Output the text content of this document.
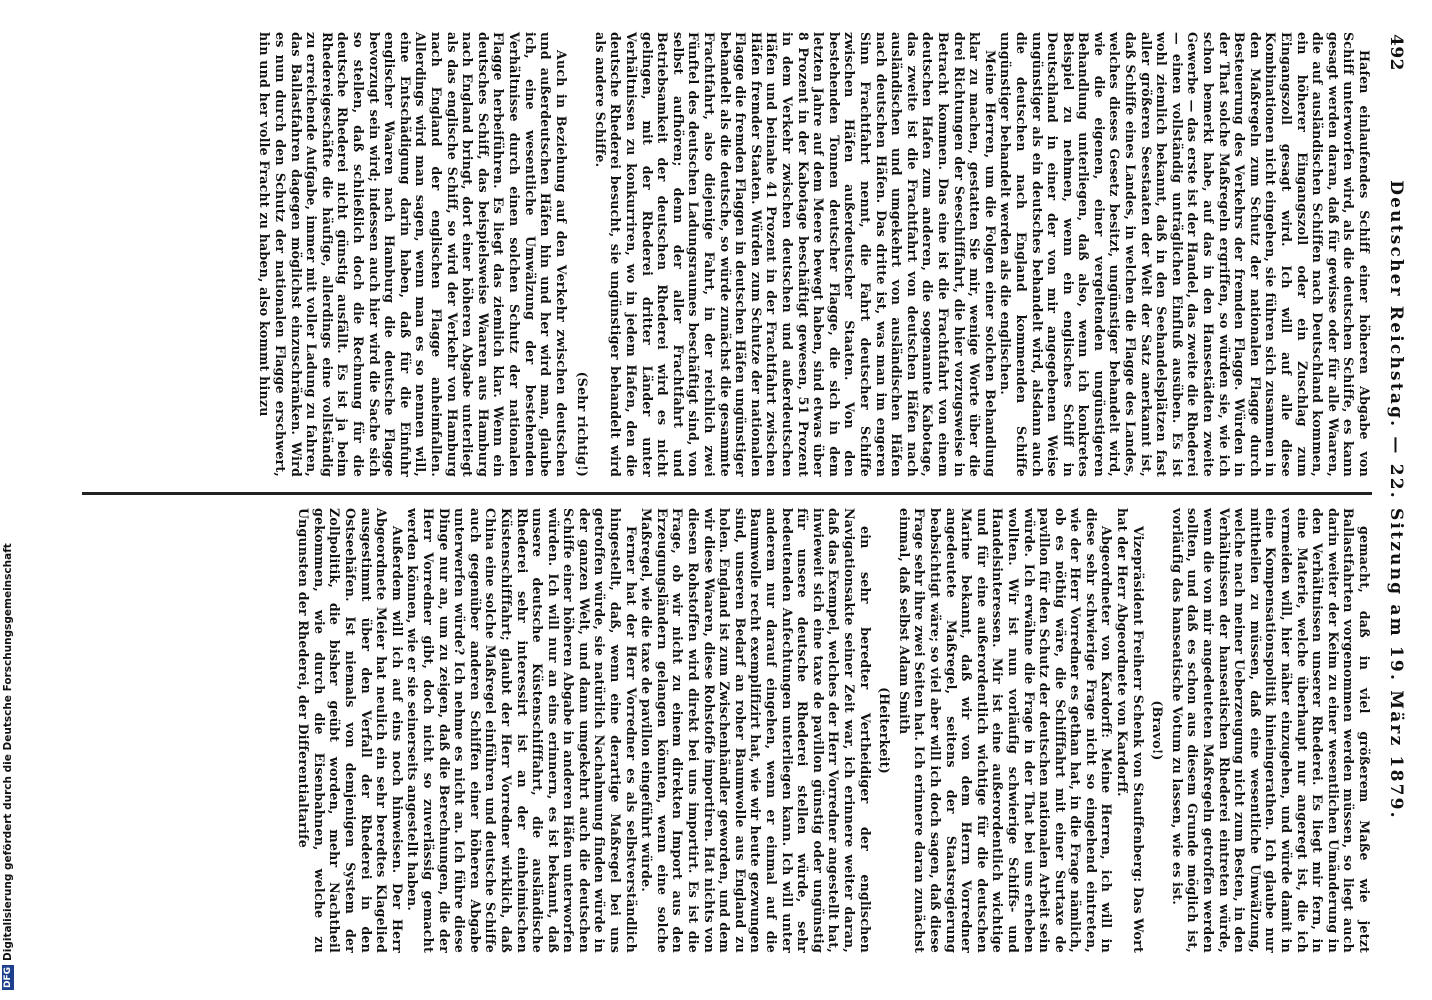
492
Deutscher Reichstag. — 22. Sitzung am 19. März 1879.

Hafen einlaufendes Schiff einer höheren Abgabe von Schiff unterworfen wird, als die deutschen Schiffe, es kann gesagt werden daran, daß für gewisse oder für alle Waaren, die auf ausländischen Schiffen nach Deutschland kommen, ein höherer Eingangszoll oder ein Zuschlag zum Eingangszoll gesagt wird. Ich will auf alle diese Kombinationen nicht eingehen, sie führen sich zusammen in den Maßregeln zum Schutz der nationalen Flagge durch Besteuerung des Verkehrs der fremden Flagge. Würden in der That solche Maßregeln ergriffen, so würden sie, wie ich schon bemerkt habe, auf das in den Hansestädten zweite Gewerbe — das erste ist der Handel, das zweite die Rhederei — einen vollständig unträglichen Einfluß ausüben. Es ist wohl ziemlich bekannt, daß in den Seehandelsplätzen fast aller größeren Seestaaten der Welt der Satz anerkannt ist, daß Schiffe eines Landes, in welchen die Flagge des Landes, welches dieses Gesetz besitzt, ungünstiger behandelt wird, wie die eigenen, einer vergeltenden ungünstigeren Behandlung unterliegen, daß also, wenn ich konkretes Beispiel zu nehmen, wenn ein englisches Schiff in Deutschland in einer der von mir angegebenen Weise ungünstiger als ein deutsches behandelt wird, alsdann auch die deutschen nach England kommenden Schiffe ungünstiger behandelt werden als die englischen.

Meine Herren, um die Folgen einer solchen Behandlung klar zu machen, gestatten Sie mir, wenige Worte über die drei Richtungen der Seeschifffahrt, die hier vorzugsweise in Betracht kommen. Das eine ist die Frachtfahrt von einem deutschen Hafen zum anderen, die sogenannte Kabotage, das zweite ist die Frachtfahrt von deutschen Häfen nach ausländischen und umgekehrt von ausländischen Häfen nach deutschen Häfen. Das dritte ist, was man im engeren Sinn Frachtfahrt nennt, die Fahrt deutscher Schiffe zwischen Häfen außerdeutscher Staaten. Von den bestehenden Tonnen deutscher Flagge, die sich in dem letzten Jahre auf dem Meere bewegt haben, sind etwas über 8 Prozent in der Kabotage beschäftigt gewesen, 51 Prozent in dem Verkehr zwischen deutschen und außerdeutschen Häfen und beinahe 41 Prozent in der Frachtfahrt zwischen Häfen fremder Staaten. Würden zum Schutze der nationalen Flagge die fremden Flaggen in deutschen Häfen ungünstiger behandelt als die deutsche, so würde zunächst die gesammte Frachtfahrt, also diejenige Fahrt, in der reichlich zwei Fünftel des deutschen Ladungsraumes beschäftigt sind, von selbst aufhören; denn der aller Frachtfahrt und Betriebsamkeit der deutschen Rhederei wird es nicht gelingen, mit der Rhederei dritter Länder unter Verhältnissen zu konkurriren, wo in jedem Hafen, den die deutsche Rhederei besucht, sie ungünstiger behandelt wird als andere Schiffe.

(Sehr richtig!)

Auch in Beziehung auf den Verkehr zwischen deutschen und außerdeutschen Häfen hin und her wird man, glaube ich, eine wesentliche Umwälzung der bestehenden Verhältnisse durch einen solchen Schutz der nationalen Flagge herbeiführen. Es liegt das ziemlich klar. Wenn ein deutsches Schiff, das beispielsweise Waaren aus Hamburg nach England bringt, dort einer höheren Abgabe unterliegt als das englische Schiff, so wird der Verkehr von Hamburg nach England der englischen Flagge anheimfallen. Allerdings wird man sagen, wenn man es so nennen will, eine Entschädigung darin haben, daß für die Einfuhr englischer Waaren nach Hamburg die deutsche Flagge bevorzugt sein wird; indessen auch hier wird die Sache sich so stellen, daß schließlich doch die Rechnung für die deutsche Rhederei nicht günstig ausfällt. Es ist ja beim Rhedereigeschäfte die häufige, allerdings eine vollständig zu erreichende Aufgabe, immer mit voller Ladung zu fahren, das Ballastfahren dagegen möglichst einzuschränken. Wird es nun durch den Schutz der nationalen Flagge erschwert, hin und her volle Fracht zu haben, also kommt hinzu

gemacht, daß in viel größerem Maße wie jetzt Ballastfahrten vorgenommen werden müssen, so liegt auch darin weiter der Keim zu einer wesentlichen Umänderung in den Verhältnissen unserer Rhederei. Es liegt mir fern, in eine Materie, welche überhaupt nur angeregt ist, die ich vermeiden will, hier näher einzugehen, und würde damit in eine Kompensationspolitik hineingerathen. Ich glaube nur mittheilen zu müssen, daß eine wesentliche Umwälzung, welche nach meiner Ueberzeugung nicht zum Besten, in den Verhältnissen der hanseatischen Rhederei eintreten würde, wenn die von mir angedeuteten Maßregeln getroffen werden sollten, und daß es schon aus diesem Grunde möglich ist, vorläufig das hanseatische Votum zu lassen, wie es ist.

(Bravo!)

Vizepräsident Freiherr Schenk von Stauffenberg: Das Wort hat der Herr Abgeordnete von Kardorff.

Abgeordneter von Kardorff: Meine Herren, ich will in diese sehr schwierige Frage nicht so eingehend eintreten, wie der Herr Vorredner es gethan hat, in die Frage nämlich, ob es nöthig wäre, die Schifffahrt mit einer Surtaxe de pavillon für den Schutz der deutschen nationalen Arbeit sein würde. Ich erwähne die Frage in der That bei uns erheben wollten. Wir ist nun vorläufig schwierige Schiffs- und Handelsinteressen. Mir ist eine außerordentlich wichtige und für eine außerordentlich wichtige für die deutschen Marine bekannt, daß wir von dem Herrn Vorredner angedeutete Maßregel, seitens der Staatsregierung beabsichtigt wäre; so viel aber will ich doch sagen, daß diese Frage sehr ihre zwei Seiten hat. Ich erinnere daran zunächst einmal, daß selbst Adam Smith

(Heiterkeit)

ein sehr beredter Vertheidiger der englischen Navigationsakte seiner Zeit war, ich erinnere weiter daran, daß das Exempel, welches der Herr Vorredner angestellt hat, inwieweit sich eine taxe de pavillon günstig oder ungünstig für unsere deutsche Rhederei stellen würde, sehr bedeutenden Anfechtungen unterliegen kann. Ich will unter anderem nur darauf eingehen, wenn er einmal auf die Baumwolle recht exemplifizirt hat, wie wir heute gezwungen sind, unseren Bedarf an roher Baumwolle aus England zu holen. England ist zum Zwischenhändler geworden, und dem wir diese Waaren, diese Rohstoffe importiren. Hat nichts von diesen Rohstoffen wird direkt bei uns importirt. Es ist die Frage, ob wir nicht zu einem direkten Import aus den Erzeugungsländern gelangen könnten, wenn eine solche Maßregel, wie die taxe de pavillon eingeführt würde.

Ferner hat der Herr Vorredner es als selbstverständlich hingestellt, daß, wenn eine derartige Maßregel bei uns getroffen würde, sie natürlich Nachahmung finden würde in der ganzen Welt, und dann umgekehrt auch die deutschen Schiffe einer höheren Abgabe in anderen Häfen unterworfen würden. Ich will nur an eins erinnern, es ist bekannt, daß unsere deutsche Küstenschifffahrt, die ausländische Rhederei sehr interessirt ist an der einheimischen Küstenschifffahrt; glaubt der Herr Vorredner wirklich, daß China eine solche Maßregel einführen und deutsche Schiffe auch gegenüber anderen Schiffen einer höheren Abgabe unterwerfen würde? Ich nehme es nicht an. Ich führe diese Dinge nur an, um zu zeigen, daß die Berechnungen, die der Herr Vorredner gibt, doch nicht so zuverlässig gemacht werden können, wie er sie seinerseits angestellt haben.

Außerdem will ich auf eins noch hinweisen. Der Herr Abgeordnete Meier hat neulich ein sehr beredtes Klagelied ausgestimmt über den Verfall der Rhederei in den Ostseehäfen. Ist niemals von demjenigen System der Zollpolitik, die bisher geübt worden, mehr Nachtheil gekommen, wie durch die Eisenbahnen, welche zu Ungunsten der Rhederei, der Differentialtarife

DFGDigitalisierung gefördert durch die Deutsche Forschungsgemeinschaft
